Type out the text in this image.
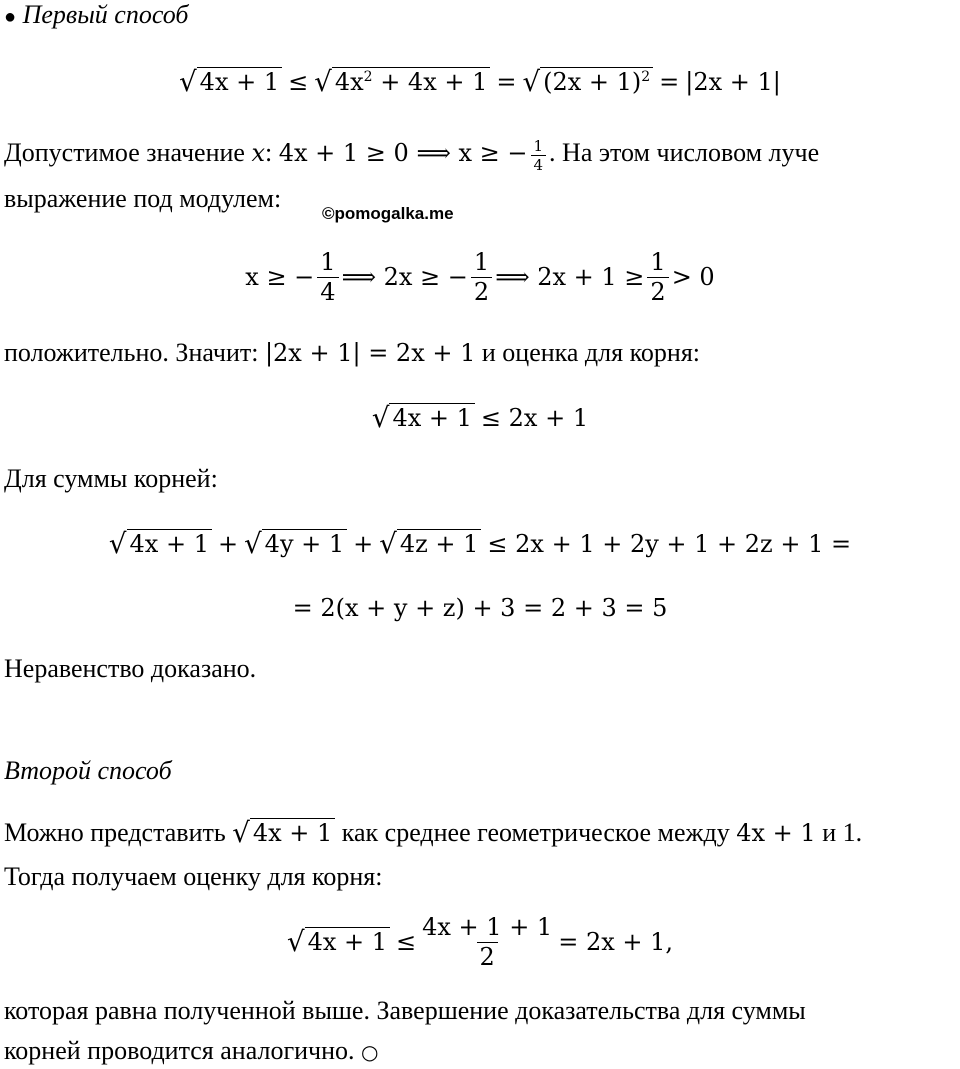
● Первый способ
√ 4x + 1 ≤ √ $4x^2 + 4x + 1$ = √ $(2x + 1)^2 = |2x + 1|$
Допустимое значение x: 4x + 1 ≥ 0 ⟹ x ≥ − $\frac{1}{4}$ . На этом числовом луче
выражение под модулем:
©pomogalka.me
x ≥ − $\frac{1}{4}$ ⟹ 2x ≥ − $\frac{1}{2}$ ⟹ $2x + 1 \ge \frac{1}{2} > 0$
положительно. Значит: |2x + 1| = 2x + 1 и оценка для корня:
√ 4x + 1 ≤ 2x + 1
Для суммы корней:
√ 4x + 1 + √ 4y + 1 + √ 4z + 1 ≤ 2x + 1 + 2y + 1 + 2z + 1 =
= 2(x + y + z) + 3 = 2 + 3 = 5
Неравенство доказано.
Второй способ
Можно представить √ 4x + 1 как среднее геометрическое между 4x + 1 и 1.
Тогда получаем оценку для корня:
√ $4x + 1 \le \frac{4x + 1 + 1}{2} = 2x + 1$,
которая равна полученной выше. Завершение доказательства для суммы
корней проводится аналогично. ○
